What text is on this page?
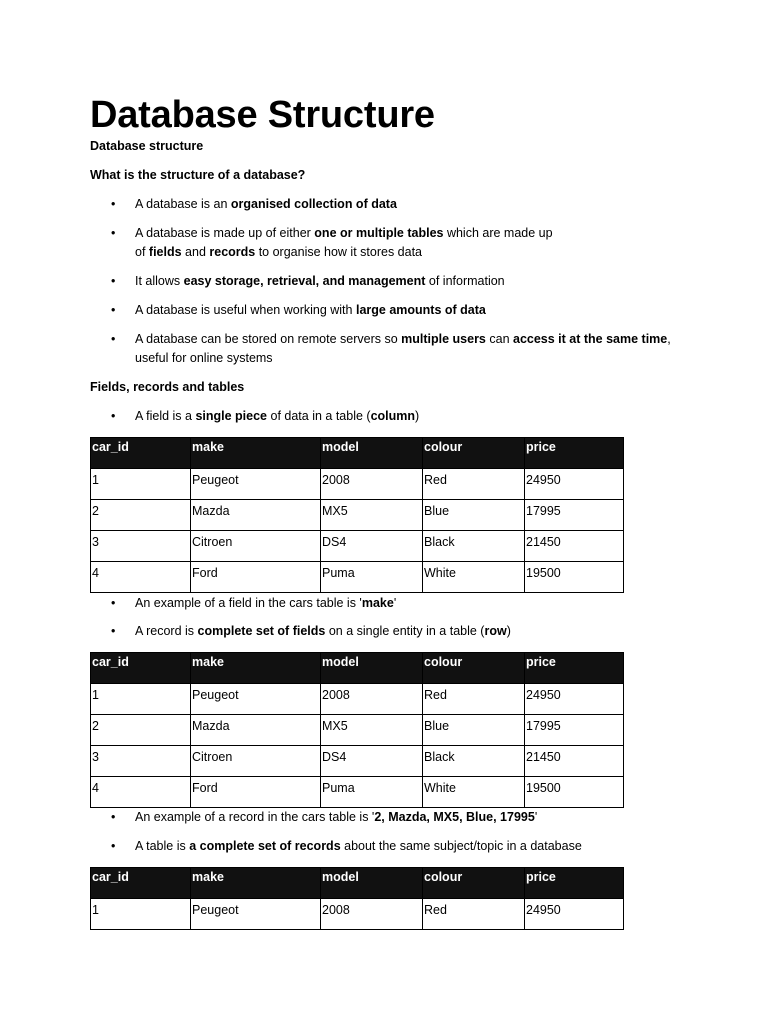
Database Structure
Database structure
What is the structure of a database?
• A database is an organised collection of data
• A database is made up of either one or multiple tables which are made up
of fields and records to organise how it stores data
• It allows easy storage, retrieval, and management of information
• A database is useful when working with large amounts of data
• A database can be stored on remote servers so multiple users can access it at the same time,
useful for online systems
Fields, records and tables
• A field is a single piece of data in a table (column)
car_id	make	model	colour	price
1	Peugeot	2008	Red	24950
2	Mazda	MX5	Blue	17995
3	Citroen	DS4	Black	21450
4	Ford	Puma	White	19500
• An example of a field in the cars table is 'make'
• A record is complete set of fields on a single entity in a table (row)
car_id	make	model	colour	price
1	Peugeot	2008	Red	24950
2	Mazda	MX5	Blue	17995
3	Citroen	DS4	Black	21450
4	Ford	Puma	White	19500
• An example of a record in the cars table is '2, Mazda, MX5, Blue, 17995'
• A table is a complete set of records about the same subject/topic in a database
car_id	make	model	colour	price
1	Peugeot	2008	Red	24950
